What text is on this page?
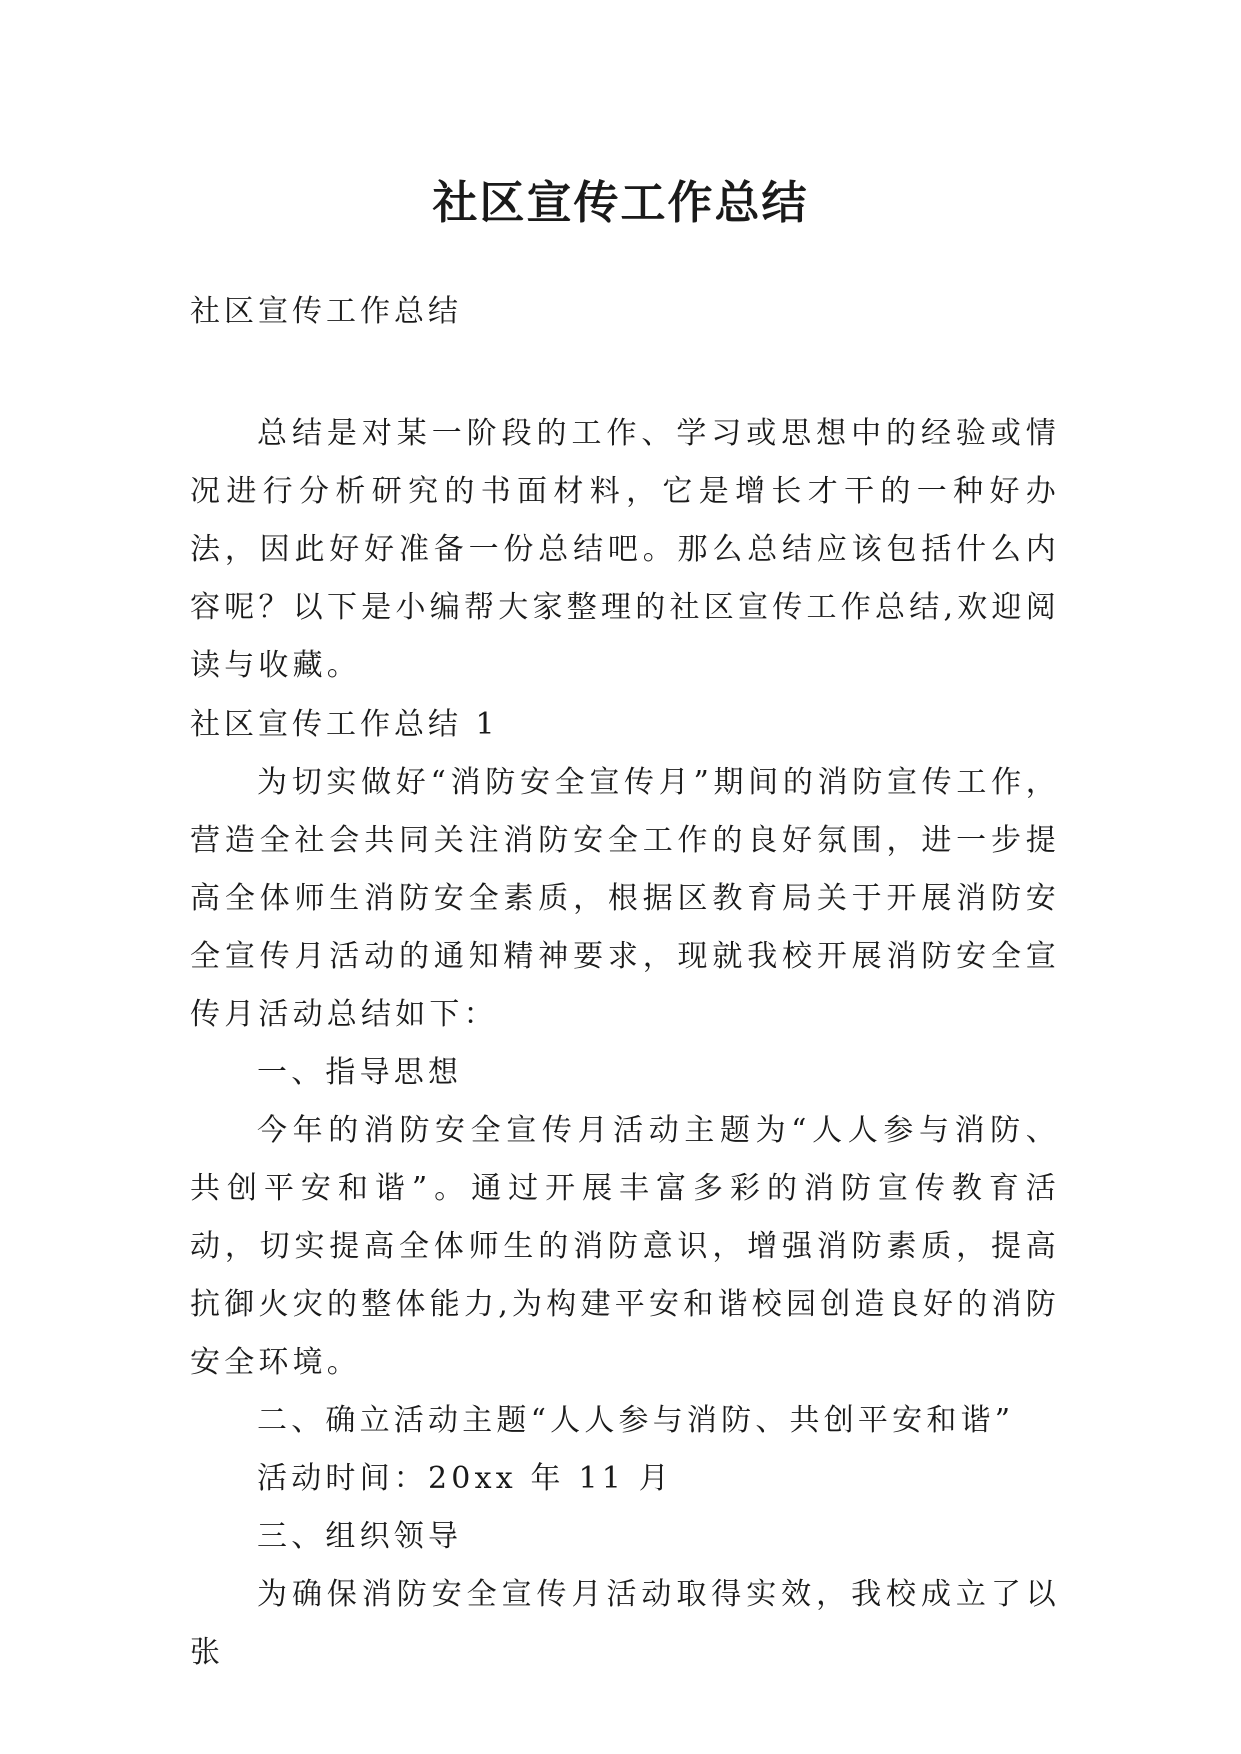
社区宣传工作总结
社区宣传工作总结

总结是对某一阶段的工作、学习或思想中的经验或情况进行分析研究的书面材料，它是增长才干的一种好办法，因此好好准备一份总结吧。那么总结应该包括什么内容呢？以下是小编帮大家整理的社区宣传工作总结,欢迎阅读与收藏。

社区宣传工作总结 1

为切实做好“消防安全宣传月”期间的消防宣传工作，营造全社会共同关注消防安全工作的良好氛围，进一步提高全体师生消防安全素质，根据区教育局关于开展消防安全宣传月活动的通知精神要求，现就我校开展消防安全宣传月活动总结如下：

一、指导思想

今年的消防安全宣传月活动主题为“人人参与消防、共创平安和谐”。通过开展丰富多彩的消防宣传教育活动，切实提高全体师生的消防意识，增强消防素质，提高抗御火灾的整体能力,为构建平安和谐校园创造良好的消防安全环境。

二、确立活动主题“人人参与消防、共创平安和谐”

活动时间：20xx 年 11 月

三、组织领导

为确保消防安全宣传月活动取得实效，我校成立了以张
